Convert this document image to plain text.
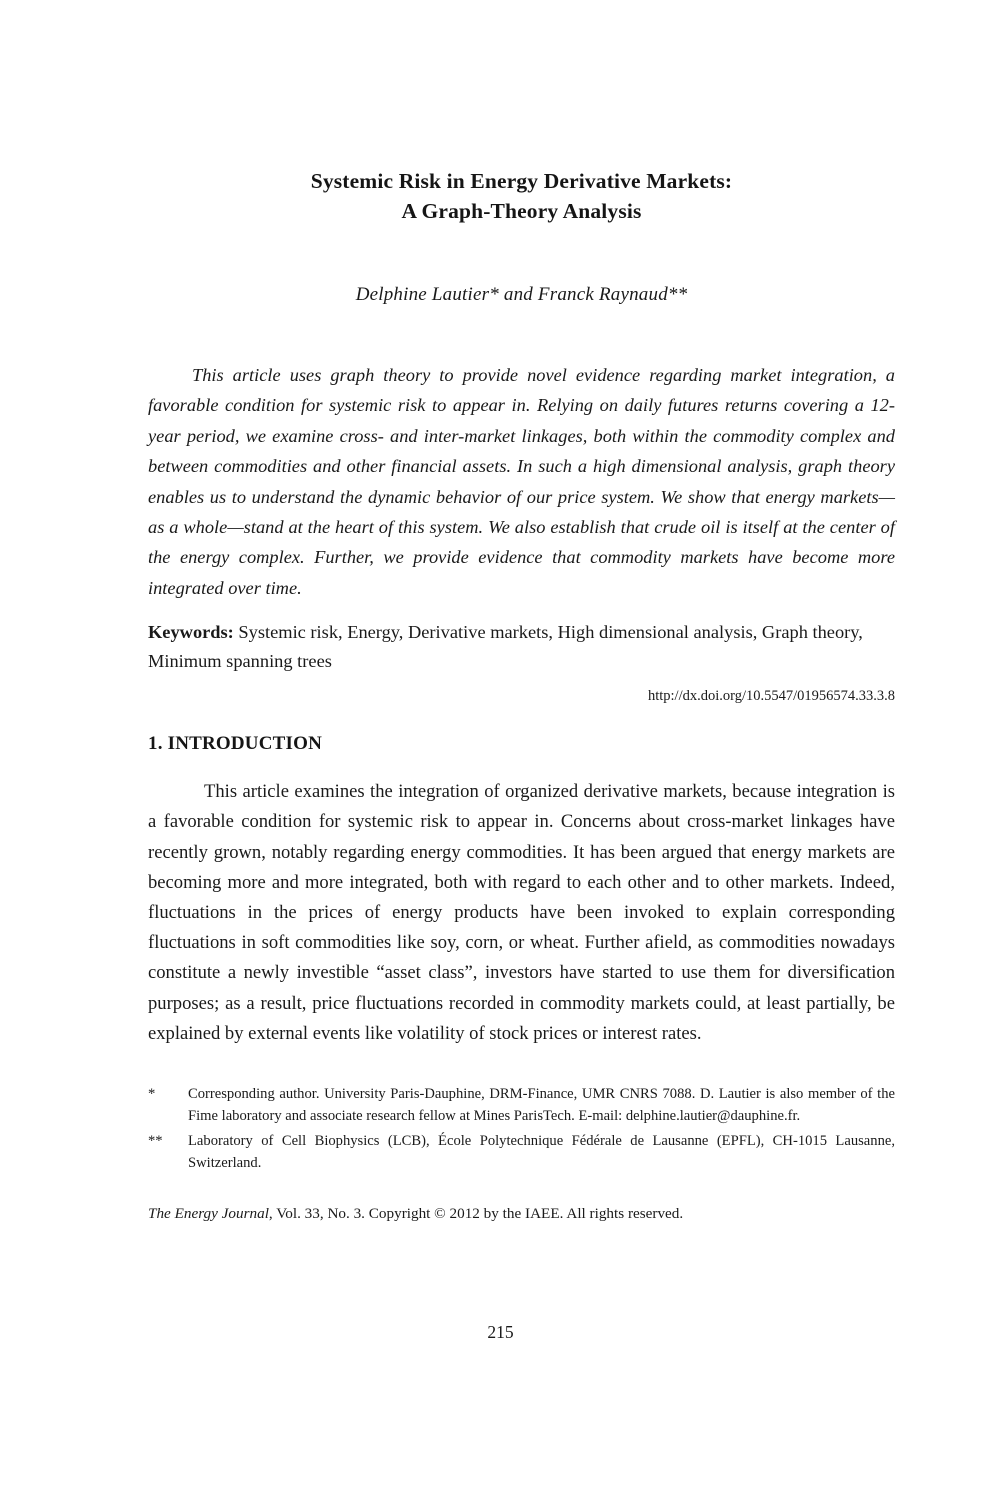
Systemic Risk in Energy Derivative Markets:
A Graph-Theory Analysis
Delphine Lautier* and Franck Raynaud**
This article uses graph theory to provide novel evidence regarding market integration, a favorable condition for systemic risk to appear in. Relying on daily futures returns covering a 12-year period, we examine cross- and inter-market linkages, both within the commodity complex and between commodities and other financial assets. In such a high dimensional analysis, graph theory enables us to understand the dynamic behavior of our price system. We show that energy markets—as a whole—stand at the heart of this system. We also establish that crude oil is itself at the center of the energy complex. Further, we provide evidence that commodity markets have become more integrated over time.
Keywords: Systemic risk, Energy, Derivative markets, High dimensional analysis, Graph theory, Minimum spanning trees
http://dx.doi.org/10.5547/01956574.33.3.8
1. INTRODUCTION
This article examines the integration of organized derivative markets, because integration is a favorable condition for systemic risk to appear in. Concerns about cross-market linkages have recently grown, notably regarding energy commodities. It has been argued that energy markets are becoming more and more integrated, both with regard to each other and to other markets. Indeed, fluctuations in the prices of energy products have been invoked to explain corresponding fluctuations in soft commodities like soy, corn, or wheat. Further afield, as commodities nowadays constitute a newly investible “asset class”, investors have started to use them for diversification purposes; as a result, price fluctuations recorded in commodity markets could, at least partially, be explained by external events like volatility of stock prices or interest rates.
*	Corresponding author. University Paris-Dauphine, DRM-Finance, UMR CNRS 7088. D. Lautier is also member of the Fime laboratory and associate research fellow at Mines ParisTech. E-mail: delphine.lautier@dauphine.fr.
**	Laboratory of Cell Biophysics (LCB), École Polytechnique Fédérale de Lausanne (EPFL), CH-1015 Lausanne, Switzerland.
The Energy Journal, Vol. 33, No. 3. Copyright © 2012 by the IAEE. All rights reserved.
215
